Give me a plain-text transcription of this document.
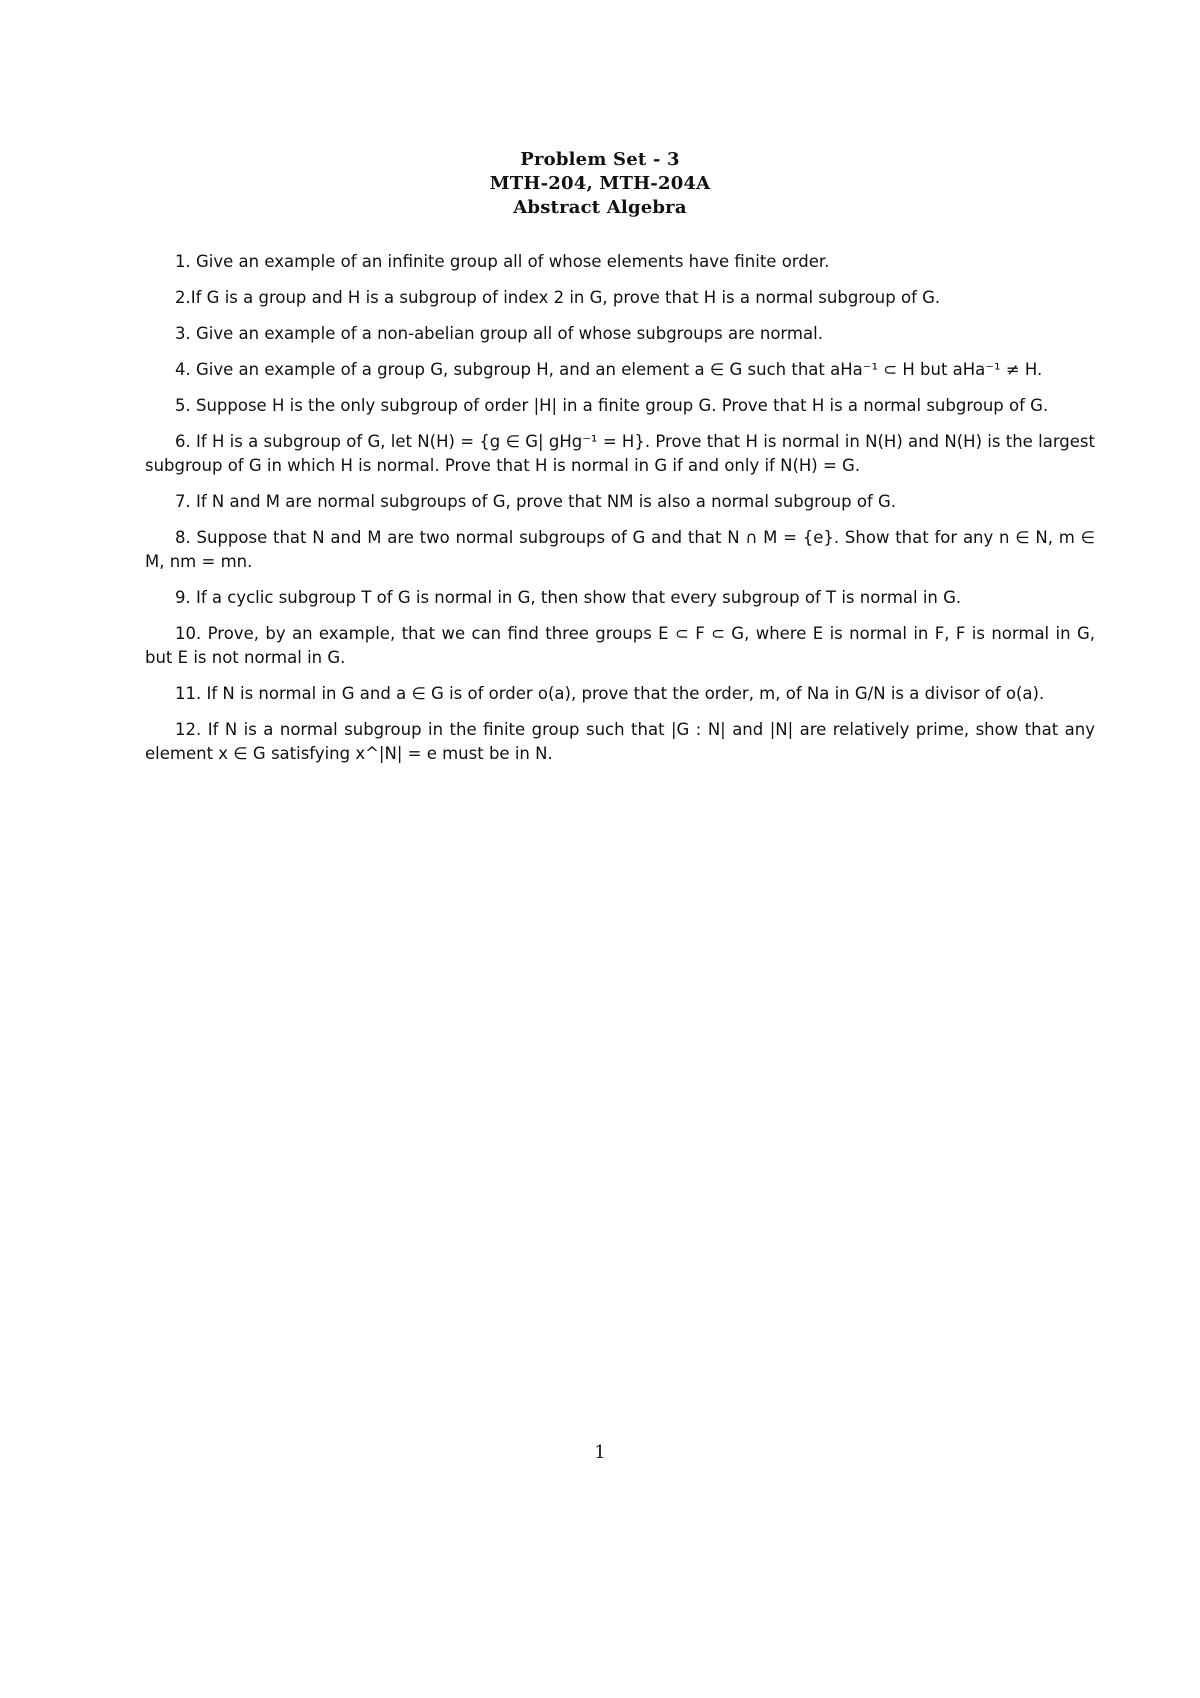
Problem Set - 3
MTH-204, MTH-204A
Abstract Algebra
1. Give an example of an infinite group all of whose elements have finite order.
2.If G is a group and H is a subgroup of index 2 in G, prove that H is a normal subgroup of G.
3. Give an example of a non-abelian group all of whose subgroups are normal.
4. Give an example of a group G, subgroup H, and an element a ∈ G such that aHa⁻¹ ⊂ H but aHa⁻¹ ≠ H.
5. Suppose H is the only subgroup of order |H| in a finite group G. Prove that H is a normal subgroup of G.
6. If H is a subgroup of G, let N(H) = {g ∈ G| gHg⁻¹ = H}. Prove that H is normal in N(H) and N(H) is the largest subgroup of G in which H is normal. Prove that H is normal in G if and only if N(H) = G.
7. If N and M are normal subgroups of G, prove that NM is also a normal subgroup of G.
8. Suppose that N and M are two normal subgroups of G and that N ∩ M = {e}. Show that for any n ∈ N, m ∈ M, nm = mn.
9. If a cyclic subgroup T of G is normal in G, then show that every subgroup of T is normal in G.
10. Prove, by an example, that we can find three groups E ⊂ F ⊂ G, where E is normal in F, F is normal in G, but E is not normal in G.
11. If N is normal in G and a ∈ G is of order o(a), prove that the order, m, of Na in G/N is a divisor of o(a).
12. If N is a normal subgroup in the finite group such that |G : N| and |N| are relatively prime, show that any element x ∈ G satisfying x^|N| = e must be in N.
1
